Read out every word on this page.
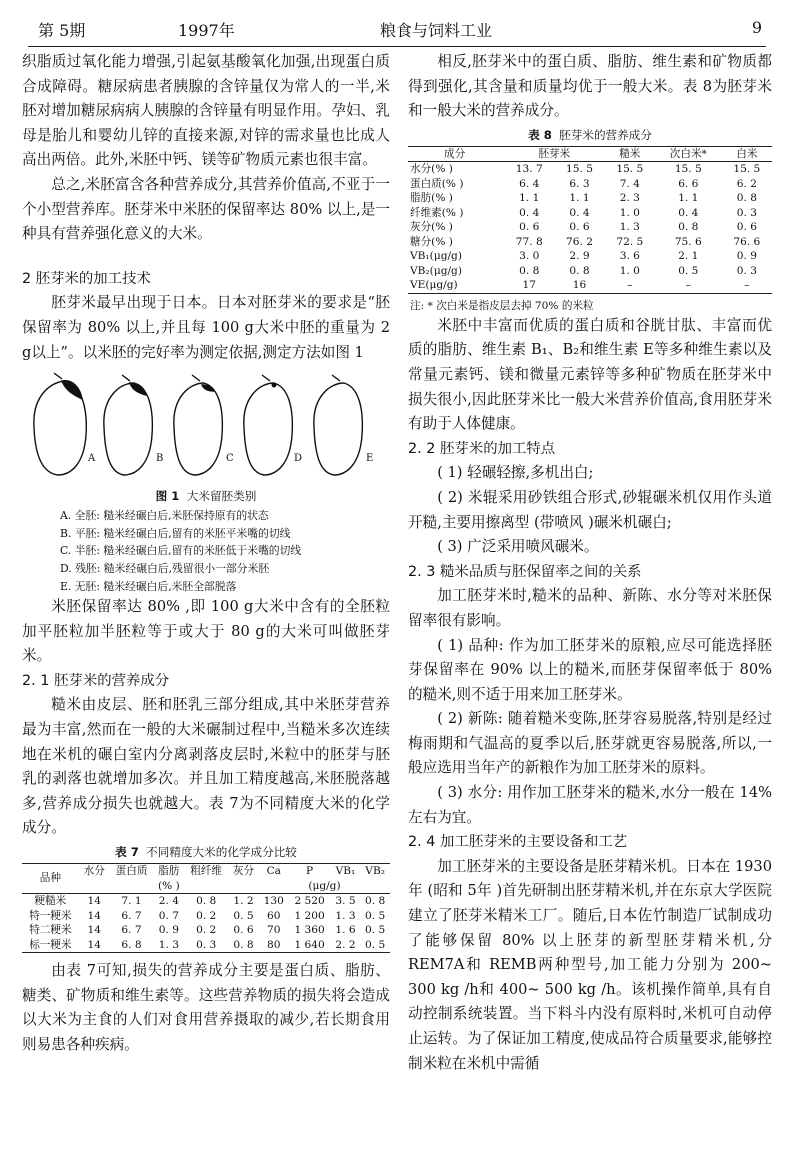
第 5期	1997年	粮食与饲料工业	9

织脂质过氧化能力增强,引起氨基酸氧化加强,出现蛋白质合成障碍。糖尿病患者胰腺的含锌量仅为常人的一半,米胚对增加糖尿病病人胰腺的含锌量有明显作用。孕妇、乳母是胎儿和婴幼儿锌的直接来源,对锌的需求量也比成人高出两倍。此外,米胚中钙、镁等矿物质元素也很丰富。

总之,米胚富含各种营养成分,其营养价值高,不亚于一个小型营养库。胚芽米中米胚的保留率达 80% 以上,是一种具有营养强化意义的大米。

2 胚芽米的加工技术

胚芽米最早出现于日本。日本对胚芽米的要求是“胚保留率为 80% 以上,并且每 100 g大米中胚的重量为 2 g以上”。以米胚的完好率为测定依据,测定方法如图 1

A	B	C	D	E
图 1 大米留胚类别
A. 全胚: 糙米经碾白后,米胚保持原有的状态
B. 平胚: 糙米经碾白后,留有的米胚平米嘴的切线
C. 半胚: 糙米经碾白后,留有的米胚低于米嘴的切线
D. 残胚: 糙米经碾白后,残留很小一部分米胚
E. 无胚: 糙米经碾白后,米胚全部脱落

米胚保留率达 80% ,即 100 g大米中含有的全胚粒加平胚粒加半胚粒等于或大于 80 g的大米可叫做胚芽米。

2. 1 胚芽米的营养成分

糙米由皮层、胚和胚乳三部分组成,其中米胚芽营养最为丰富,然而在一般的大米碾制过程中,当糙米多次连续地在米机的碾白室内分离剥落皮层时,米粒中的胚芽与胚乳的剥落也就增加多次。并且加工精度越高,米胚脱落越多,营养成分损失也就越大。表 7为不同精度大米的化学成分。

表 7 不同精度大米的化学成分比较
品种	水分	蛋白质	脂肪	粗纤维	灰分	Ca	P	VB₁	VB₂
	(% )					(μg/g)			
粳糙米	14	7. 1	2. 4	0. 8	1. 2	130	2 520	3. 5	0. 8
特一粳米	14	6. 7	0. 7	0. 2	0. 5	60	1 200	1. 3	0. 5
特二粳米	14	6. 7	0. 9	0. 2	0. 6	70	1 360	1. 6	0. 5
标一粳米	14	6. 8	1. 3	0. 3	0. 8	80	1 640	2. 2	0. 5

由表 7可知,损失的营养成分主要是蛋白质、脂肪、糖类、矿物质和维生素等。这些营养物质的损失将会造成以大米为主食的人们对食用营养摄取的减少,若长期食用则易患各种疾病。

相反,胚芽米中的蛋白质、脂肪、维生素和矿物质都得到强化,其含量和质量均优于一般大米。表 8为胚芽米和一般大米的营养成分。

表 8 胚芽米的营养成分
成分	胚芽米		糙米	次白米*	白米
水分(% )	13. 7	15. 5	15. 5	15. 5	15. 5
蛋白质(% )	6. 4	6. 3	7. 4	6. 6	6. 2
脂肪(% )	1. 1	1. 1	2. 3	1. 1	0. 8
纤维素(% )	0. 4	0. 4	1. 0	0. 4	0. 3
灰分(% )	0. 6	0. 6	1. 3	0. 8	0. 6
糖分(% )	77. 8	76. 2	72. 5	75. 6	76. 6
VB₁(μg/g)	3. 0	2. 9	3. 6	2. 1	0. 9
VB₂(μg/g)	0. 8	0. 8	1. 0	0. 5	0. 3
VE(μg/g)	17	16	–	–	–
注: * 次白米是指皮层去掉 70% 的米粒

米胚中丰富而优质的蛋白质和谷胱甘肽、丰富而优质的脂肪、维生素 B₁、B₂和维生素 E等多种维生素以及常量元素钙、镁和微量元素锌等多种矿物质在胚芽米中损失很小,因此胚芽米比一般大米营养价值高,食用胚芽米有助于人体健康。

2. 2 胚芽米的加工特点

( 1) 轻碾轻擦,多机出白;

( 2) 米辊采用砂铁组合形式,砂辊碾米机仅用作头道开糙,主要用擦离型 (带喷风 )碾米机碾白;

( 3) 广泛采用喷风碾米。

2. 3 糙米品质与胚保留率之间的关系

加工胚芽米时,糙米的品种、新陈、水分等对米胚保留率很有影响。

( 1) 品种: 作为加工胚芽米的原粮,应尽可能选择胚芽保留率在 90% 以上的糙米,而胚芽保留率低于 80% 的糙米,则不适于用来加工胚芽米。

( 2) 新陈: 随着糙米变陈,胚芽容易脱落,特别是经过梅雨期和气温高的夏季以后,胚芽就更容易脱落,所以,一般应选用当年产的新粮作为加工胚芽米的原料。

( 3) 水分: 用作加工胚芽米的糙米,水分一般在 14% 左右为宜。

2. 4 加工胚芽米的主要设备和工艺

加工胚芽米的主要设备是胚芽精米机。日本在 1930年 (昭和 5年 )首先研制出胚芽精米机,并在东京大学医院建立了胚芽米精米工厂。随后,日本佐竹制造厂试制成功了能够保留 80% 以上胚芽的新型胚芽精米机,分 REM7A和 REMB两种型号,加工能力分别为 200~ 300 kg /h和 400~ 500 kg /h。该机操作简单,具有自动控制系统装置。当下料斗内没有原料时,米机可自动停止运转。为了保证加工精度,使成品符合质量要求,能够控制米粒在米机中需循
